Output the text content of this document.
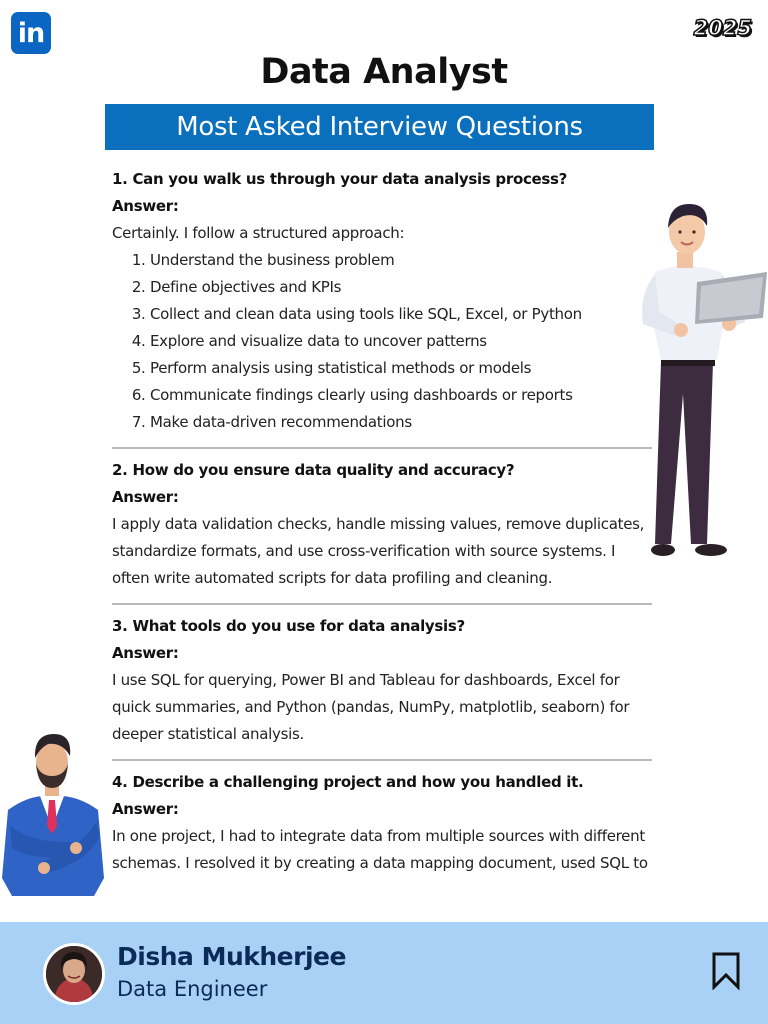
in	2025
Data Analyst
Most Asked Interview Questions
1. Can you walk us through your data analysis process?
Answer:
Certainly. I follow a structured approach:
1. Understand the business problem
2. Define objectives and KPIs
3. Collect and clean data using tools like SQL, Excel, or Python
4. Explore and visualize data to uncover patterns
5. Perform analysis using statistical methods or models
6. Communicate findings clearly using dashboards or reports
7. Make data-driven recommendations
2. How do you ensure data quality and accuracy?
Answer:
I apply data validation checks, handle missing values, remove duplicates,
standardize formats, and use cross-verification with source systems. I
often write automated scripts for data profiling and cleaning.
3. What tools do you use for data analysis?
Answer:
I use SQL for querying, Power BI and Tableau for dashboards, Excel for
quick summaries, and Python (pandas, NumPy, matplotlib, seaborn) for
deeper statistical analysis.
4. Describe a challenging project and how you handled it.
Answer:
In one project, I had to integrate data from multiple sources with different
schemas. I resolved it by creating a data mapping document, used SQL to
Disha Mukherjee
Data Engineer
